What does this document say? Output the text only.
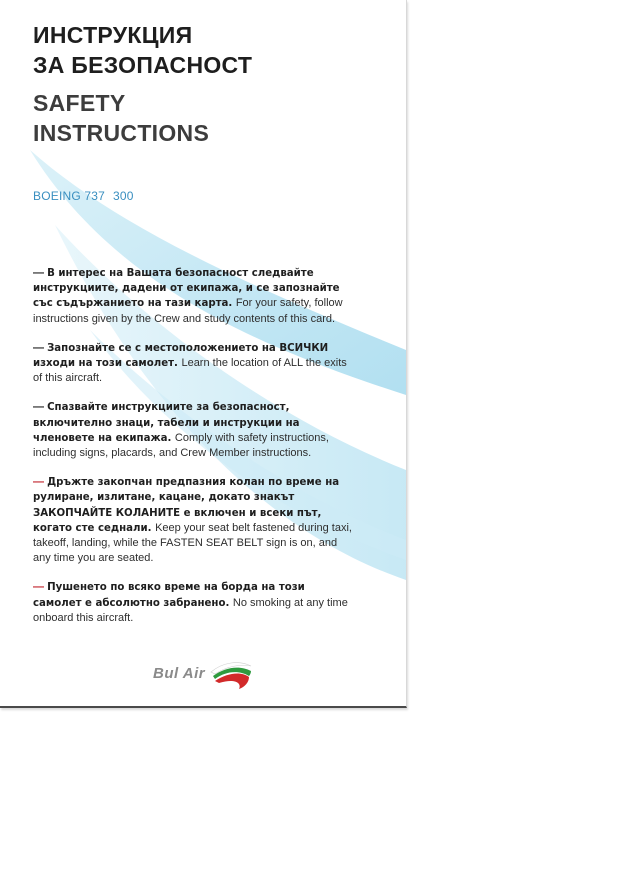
ИНСТРУКЦИЯ
ЗА БЕЗОПАСНОСТ
SAFETY
INSTRUCTIONS
BOEING 737 300
— В интерес на Вашата безопасност следвайте инструкциите, дадени от екипажа, и се запознайте със съдържанието на тази карта. For your safety, follow instructions given by the Crew and study contents of this card.
— Запознайте се с местоположението на ВСИЧКИ изходи на този самолет. Learn the location of ALL the exits of this aircraft.
— Спазвайте инструкциите за безопасност, включително знаци, табели и инструкции на членовете на екипажа. Comply with safety instructions, including signs, placards, and Crew Member instructions.
— Дръжте закопчан предпазния колан по време на рулиране, излитане, кацане, докато знакът ЗАКОПЧАЙТЕ КОЛАНИТЕ е включен и всеки път, когато сте седнали. Keep your seat belt fastened during taxi, takeoff, landing, while the FASTEN SEAT BELT sign is on, and any time you are seated.
— Пушенето по всяко време на борда на този самолет е абсолютно забранено. No smoking at any time onboard this aircraft.
Bul Air
